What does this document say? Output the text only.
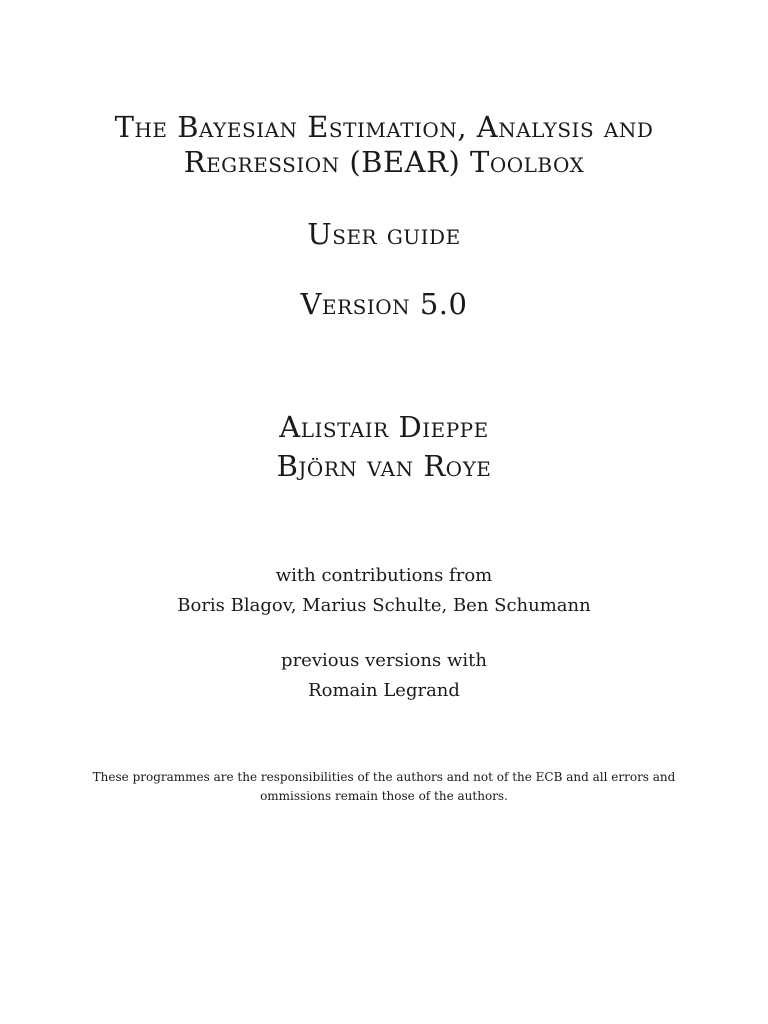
The Bayesian Estimation, Analysis and
Regression (BEAR) Toolbox
User guide
Version 5.0
Alistair Dieppe
Björn van Roye
with contributions from
Boris Blagov, Marius Schulte, Ben Schumann
previous versions with
Romain Legrand
These programmes are the responsibilities of the authors and not of the ECB and all errors and
ommissions remain those of the authors.
